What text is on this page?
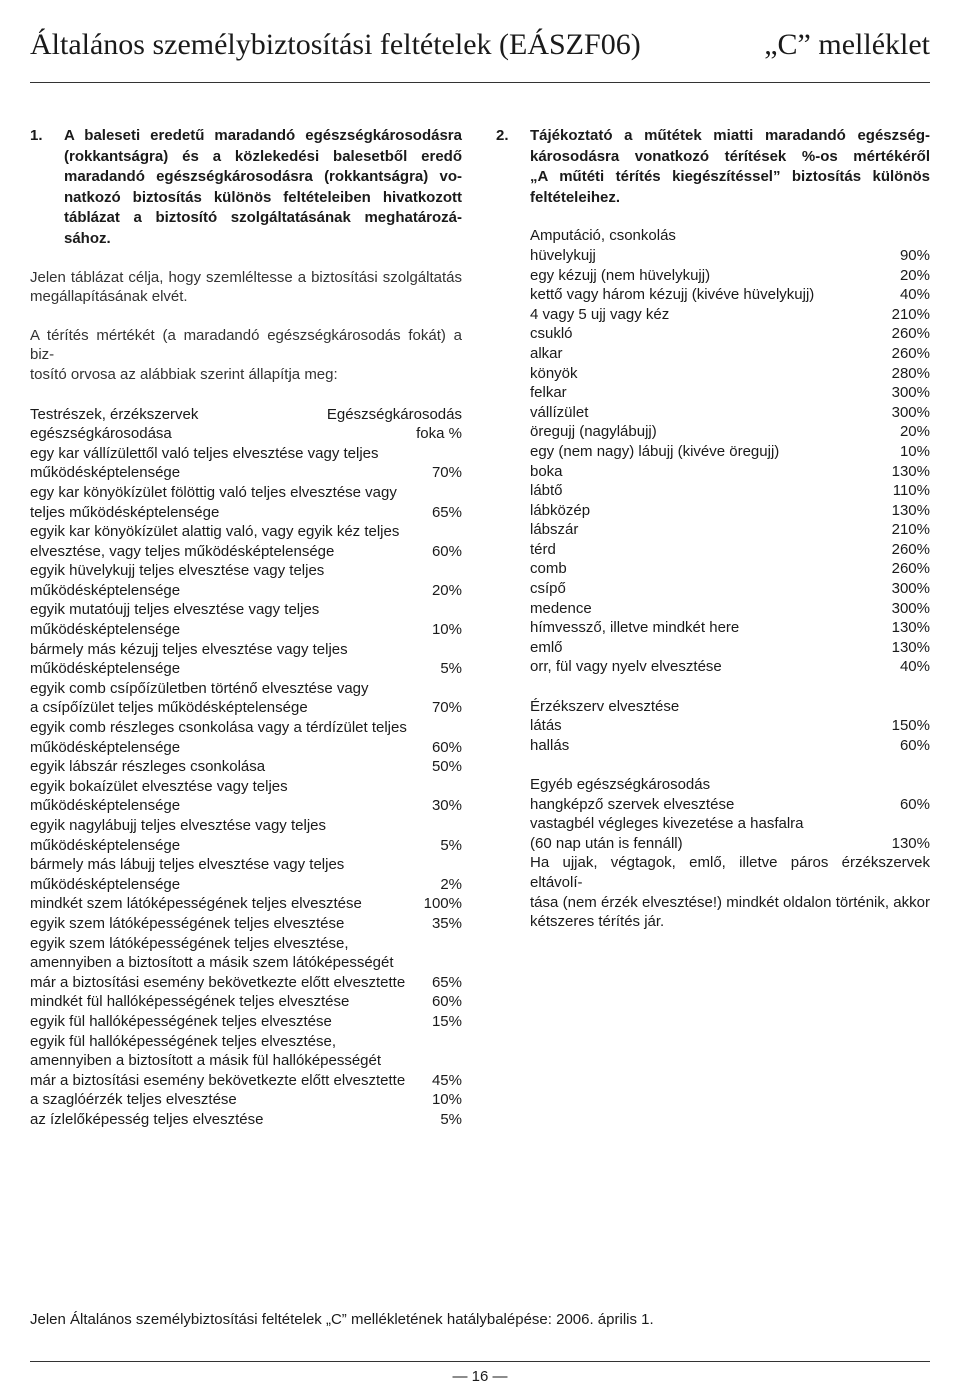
Általános személybiztosítási feltételek (EÁSZF06)	„C” melléklet
1.	A baleseti eredetű maradandó egészségkárosodásra
(rokkantságra) és a közlekedési balesetből eredő
maradandó egészségkárosodásra (rokkantságra) vo-
natkozó biztosítás különös feltételeiben hivatkozott
táblázat a biztosító szolgáltatásának meghatározá-
sához.
Jelen táblázat célja, hogy szemléltesse a biztosítási szolgáltatás
megállapításának elvét.
A térítés mértékét (a maradandó egészségkárosodás fokát) a biz-
tosító orvosa az alábbiak szerint állapítja meg:
Testrészek, érzékszervek	Egészségkárosodás
egészségkárosodása	foka %
egy kar vállízülettől való teljes elvesztése vagy teljes
működésképtelensége	70%
egy kar könyökízület fölöttig való teljes elvesztése vagy
teljes működésképtelensége	65%
egyik kar könyökízület alattig való, vagy egyik kéz teljes
elvesztése, vagy teljes működésképtelensége	60%
egyik hüvelykujj teljes elvesztése vagy teljes
működésképtelensége	20%
egyik mutatóujj teljes elvesztése vagy teljes
működésképtelensége	10%
bármely más kézujj teljes elvesztése vagy teljes
működésképtelensége	5%
egyik comb csípőízületben történő elvesztése vagy
a csípőízület teljes működésképtelensége	70%
egyik comb részleges csonkolása vagy a térdízület teljes
működésképtelensége	60%
egyik lábszár részleges csonkolása	50%
egyik bokaízület elvesztése vagy teljes
működésképtelensége	30%
egyik nagylábujj teljes elvesztése vagy teljes
működésképtelensége	5%
bármely más lábujj teljes elvesztése vagy teljes
működésképtelensége	2%
mindkét szem látóképességének teljes elvesztése	100%
egyik szem látóképességének teljes elvesztése	35%
egyik szem látóképességének teljes elvesztése,
amennyiben a biztosított a másik szem látóképességét
már a biztosítási esemény bekövetkezte előtt elvesztette 65%
mindkét fül hallóképességének teljes elvesztése	60%
egyik fül hallóképességének teljes elvesztése	15%
egyik fül hallóképességének teljes elvesztése,
amennyiben a biztosított a másik fül hallóképességét
már a biztosítási esemény bekövetkezte előtt elvesztette 45%
a szaglóérzék teljes elvesztése	10%
az ízlelőképesség teljes elvesztése	5%
2.	Tájékoztató a műtétek miatti maradandó egészség-
károsodásra vonatkozó térítések %-os mértékéről
„A műtéti térítés kiegészítéssel” biztosítás különös
feltételeihez.
Amputáció, csonkolás
hüvelykujj	90%
egy kézujj (nem hüvelykujj)	20%
kettő vagy három kézujj (kivéve hüvelykujj)	40%
4 vagy 5 ujj vagy kéz	210%
csukló	260%
alkar	260%
könyök	280%
felkar	300%
vállízület	300%
öregujj (nagylábujj)	20%
egy (nem nagy) lábujj (kivéve öregujj)	10%
boka	130%
lábtő	110%
lábközép	130%
lábszár	210%
térd	260%
comb	260%
csípő	300%
medence	300%
hímvessző, illetve mindkét here	130%
emlő	130%
orr, fül vagy nyelv elvesztése	40%
Érzékszerv elvesztése
látás	150%
hallás	60%
Egyéb egészségkárosodás
hangképző szervek elvesztése	60%
vastagbél végleges kivezetése a hasfalra
(60 nap után is fennáll)	130%
Ha ujjak, végtagok, emlő, illetve páros érzékszervek eltávolí-
tása (nem érzék elvesztése!) mindkét oldalon történik, akkor
kétszeres térítés jár.
Jelen Általános személybiztosítási feltételek „C” mellékletének hatálybalépése: 2006. április 1.
— 16 —
